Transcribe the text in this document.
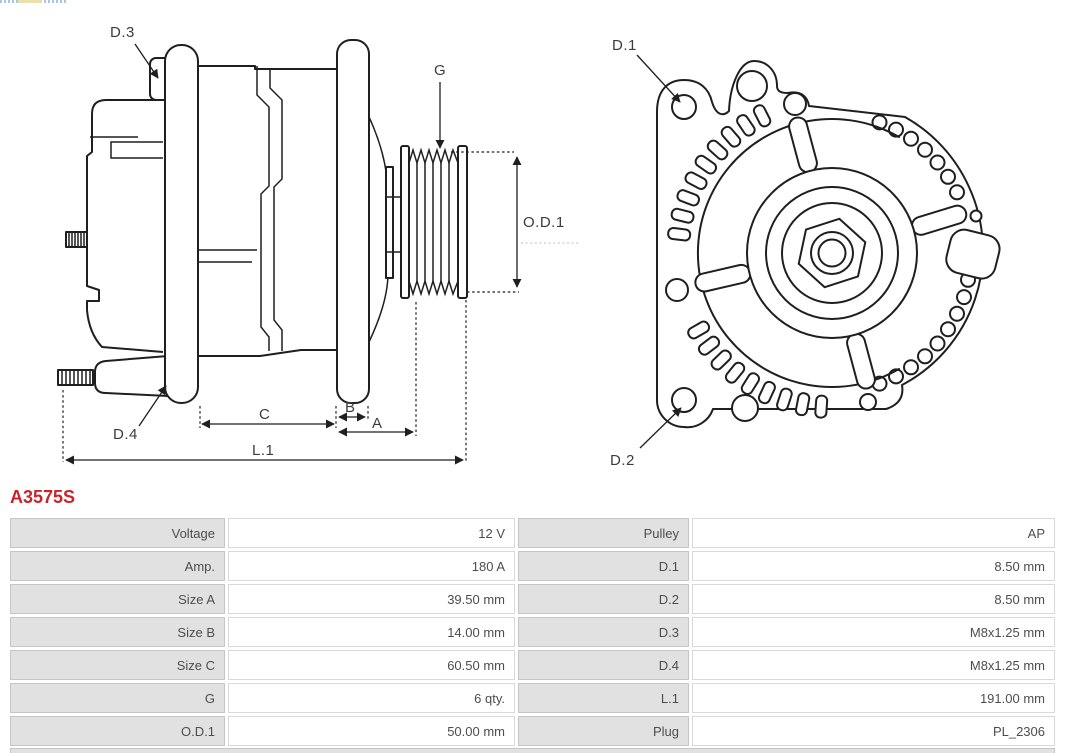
D.3
G
D.4
O.D.1
C	B
A
L.1
D.1
D.2
A3575S
Voltage	12 V	Pulley	AP
Amp.	180 A	D.1	8.50 mm
Size A	39.50 mm	D.2	8.50 mm
Size B	14.00 mm	D.3	M8x1.25 mm
Size C	60.50 mm	D.4	M8x1.25 mm
G	6 qty.	L.1	191.00 mm
O.D.1	50.00 mm	Plug	PL_2306
